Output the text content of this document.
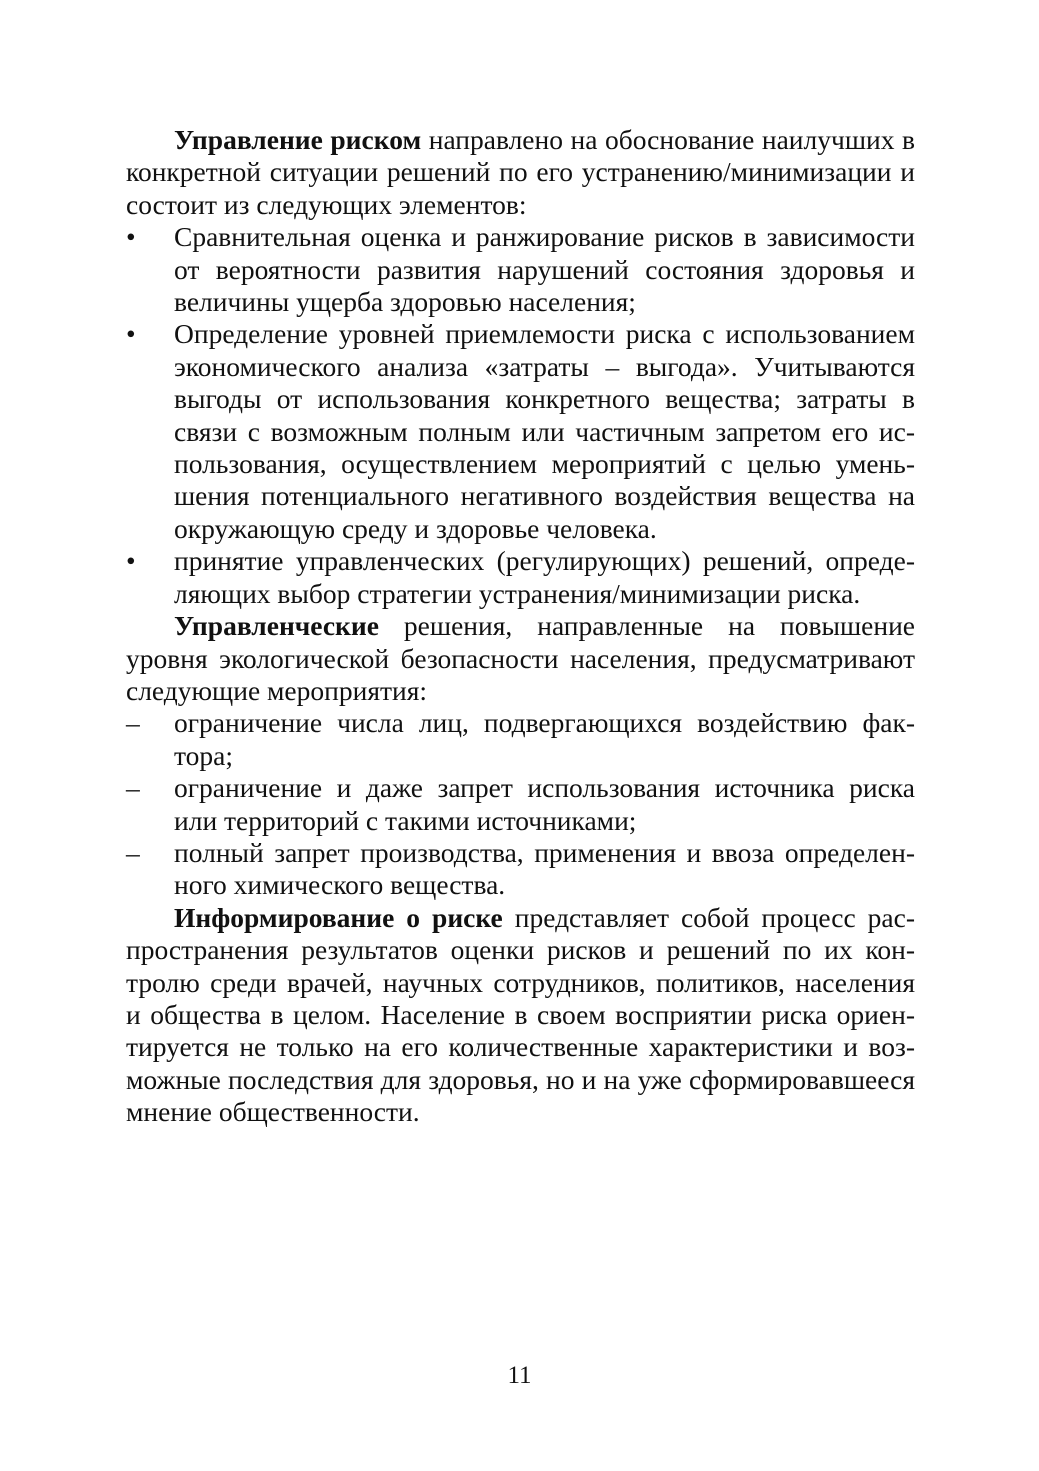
Управление риском направлено на обоснование наилучших в конкретной ситуации решений по его устранению/минимизации и состоит из следующих элементов:

• Сравнительная оценка и ранжирование рисков в зависимости от вероятности развития нарушений состояния здоровья и величины ущерба здоровью населения;
• Определение уровней приемлемости риска с использованием экономического анализа «затраты – выгода». Учитываются выгоды от использования конкретного вещества; затраты в связи с возможным полным или частичным запретом его использования, осуществлением мероприятий с целью уменьшения потенциального негативного воздействия вещества на окружающую среду и здоровье человека.
• принятие управленческих (регулирующих) решений, определяющих выбор стратегии устранения/минимизации риска.

Управленческие решения, направленные на повышение уровня экологической безопасности населения, предусматривают следующие мероприятия:

– ограничение числа лиц, подвергающихся воздействию фактора;
– ограничение и даже запрет использования источника риска или территорий с такими источниками;
– полный запрет производства, применения и ввоза определенного химического вещества.

Информирование о риске представляет собой процесс распространения результатов оценки рисков и решений по их контролю среди врачей, научных сотрудников, политиков, населения и общества в целом. Население в своем восприятии риска ориентируется не только на его количественные характеристики и возможные последствия для здоровья, но и на уже сформировавшееся мнение общественности.

11
